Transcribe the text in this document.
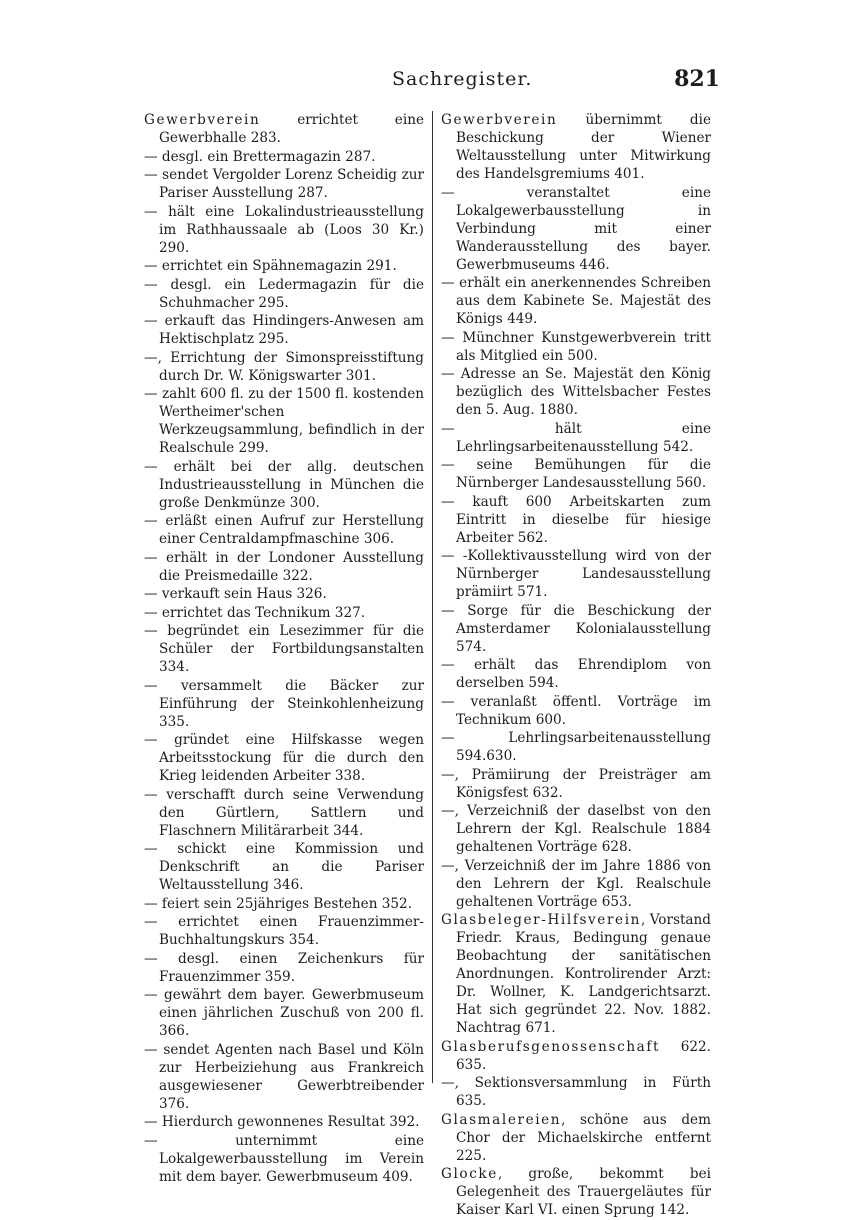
Sachregister.	821

Gewerbverein errichtet eine Gewerbhalle 283.

— desgl. ein Brettermagazin 287.

— sendet Vergolder Lorenz Scheidig zur Pariser Ausstellung 287.

— hält eine Lokalindustrieausstellung im Rathhaussaale ab (Loos 30 Kr.) 290.

— errichtet ein Spähnemagazin 291.

— desgl. ein Ledermagazin für die Schuhmacher 295.

— erkauft das Hindingers-Anwesen am Hektischplatz 295.

—, Errichtung der Simonspreisstiftung durch Dr. W. Königswarter 301.

— zahlt 600 fl. zu der 1500 fl. kostenden Wertheimer'schen Werkzeugsammlung, befindlich in der Realschule 299.

— erhält bei der allg. deutschen Industrieausstellung in München die große Denkmünze 300.

— erläßt einen Aufruf zur Herstellung einer Centraldampfmaschine 306.

— erhält in der Londoner Ausstellung die Preismedaille 322.

— verkauft sein Haus 326.

— errichtet das Technikum 327.

— begründet ein Lesezimmer für die Schüler der Fortbildungsanstalten 334.

— versammelt die Bäcker zur Einführung der Steinkohlenheizung 335.

— gründet eine Hilfskasse wegen Arbeitsstockung für die durch den Krieg leidenden Arbeiter 338.

— verschafft durch seine Verwendung den Gürtlern, Sattlern und Flaschnern Militärarbeit 344.

— schickt eine Kommission und Denkschrift an die Pariser Weltausstellung 346.

— feiert sein 25jähriges Bestehen 352.

— errichtet einen Frauenzimmer-Buchhaltungskurs 354.

— desgl. einen Zeichenkurs für Frauenzimmer 359.

— gewährt dem bayer. Gewerbmuseum einen jährlichen Zuschuß von 200 fl. 366.

— sendet Agenten nach Basel und Köln zur Herbeiziehung aus Frankreich ausgewiesener Gewerbtreibender 376.

— Hierdurch gewonnenes Resultat 392.

— unternimmt eine Lokalgewerbausstellung im Verein mit dem bayer. Gewerbmuseum 409.

Gewerbverein übernimmt die Beschickung der Wiener Weltausstellung unter Mitwirkung des Handelsgremiums 401.

— veranstaltet eine Lokalgewerbausstellung in Verbindung mit einer Wanderausstellung des bayer. Gewerbmuseums 446.

— erhält ein anerkennendes Schreiben aus dem Kabinete Se. Majestät des Königs 449.

— Münchner Kunstgewerbverein tritt als Mitglied ein 500.

— Adresse an Se. Majestät den König bezüglich des Wittelsbacher Festes den 5. Aug. 1880.

— hält eine Lehrlingsarbeitenausstellung 542.

— seine Bemühungen für die Nürnberger Landesausstellung 560.

— kauft 600 Arbeitskarten zum Eintritt in dieselbe für hiesige Arbeiter 562.

— -Kollektivausstellung wird von der Nürnberger Landesausstellung prämiirt 571.

— Sorge für die Beschickung der Amsterdamer Kolonialausstellung 574.

— erhält das Ehrendiplom von derselben 594.

— veranlaßt öffentl. Vorträge im Technikum 600.

— Lehrlingsarbeitenausstellung 594.630.

—, Prämiirung der Preisträger am Königsfest 632.

—, Verzeichniß der daselbst von den Lehrern der Kgl. Realschule 1884 gehaltenen Vorträge 628.

—, Verzeichniß der im Jahre 1886 von den Lehrern der Kgl. Realschule gehaltenen Vorträge 653.

Glasbeleger-Hilfsverein, Vorstand Friedr. Kraus, Bedingung genaue Beobachtung der sanitätischen Anordnungen. Kontrolirender Arzt: Dr. Wollner, K. Landgerichtsarzt. Hat sich gegründet 22. Nov. 1882. Nachtrag 671.

Glasberufsgenossenschaft 622. 635.

—, Sektionsversammlung in Fürth 635.

Glasmalereien, schöne aus dem Chor der Michaelskirche entfernt 225.

Glocke, große, bekommt bei Gelegenheit des Trauergeläutes für Kaiser Karl VI. einen Sprung 142.
